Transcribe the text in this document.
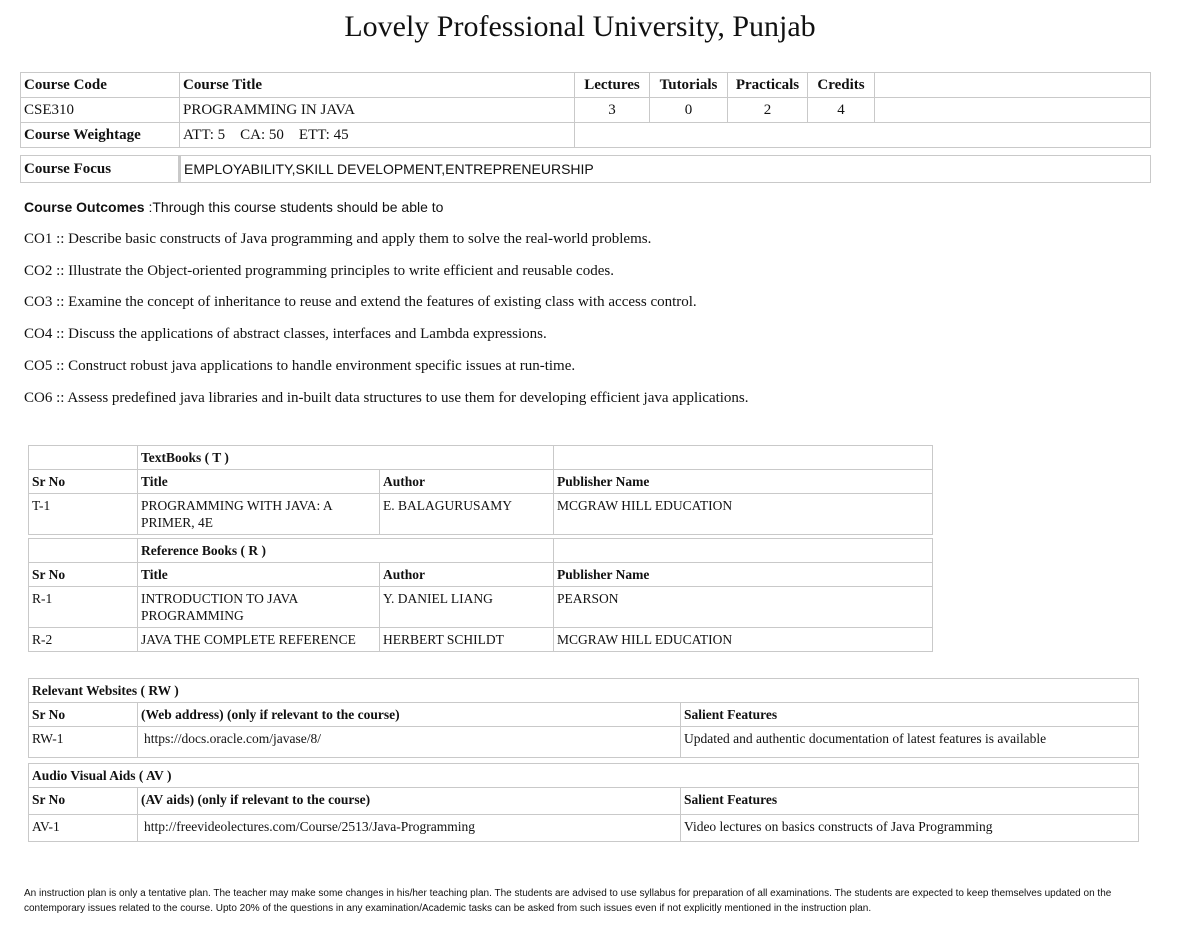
Lovely Professional University, Punjab
Course Code	Course Title	Lectures	Tutorials	Practicals	Credits	
CSE310	PROGRAMMING IN JAVA	3	0	2	4	
Course Weightage	ATT: 5    CA: 50    ETT: 45					
Course Focus	EMPLOYABILITY,SKILL DEVELOPMENT,ENTREPRENEURSHIP
Course Outcomes :Through this course students should be able to
CO1 :: Describe basic constructs of Java programming and apply them to solve the real-world problems.
CO2 :: Illustrate the Object-oriented programming principles to write efficient and reusable codes.
CO3 :: Examine the concept of inheritance to reuse and extend the features of existing class with access control.
CO4 :: Discuss the applications of abstract classes, interfaces and Lambda expressions.
CO5 :: Construct robust java applications to handle environment specific issues at run-time.
CO6 :: Assess predefined java libraries and in-built data structures to use them for developing efficient java applications.
	TextBooks ( T )		
Sr No	Title	Author	Publisher Name
T-1	PROGRAMMING WITH JAVA: A PRIMER, 4E	E. BALAGURUSAMY	MCGRAW HILL EDUCATION
	Reference Books ( R )		
Sr No	Title	Author	Publisher Name
R-1	INTRODUCTION TO JAVA PROGRAMMING	Y. DANIEL LIANG	PEARSON
R-2	JAVA THE COMPLETE REFERENCE	HERBERT SCHILDT	MCGRAW HILL EDUCATION
Relevant Websites ( RW )		
Sr No	(Web address) (only if relevant to the course)	Salient Features
RW-1	https://docs.oracle.com/javase/8/	Updated and authentic documentation of latest features is available
Audio Visual Aids ( AV )		
Sr No	(AV aids) (only if relevant to the course)	Salient Features
AV-1	http://freevideolectures.com/Course/2513/Java-Programming	Video lectures on basics constructs of Java Programming
An instruction plan is only a tentative plan. The teacher may make some changes in his/her teaching plan. The students are advised to use syllabus for preparation of all examinations. The students are expected to keep themselves updated on the contemporary issues related to the course. Upto 20% of the questions in any examination/Academic tasks can be asked from such issues even if not explicitly mentioned in the instruction plan.
